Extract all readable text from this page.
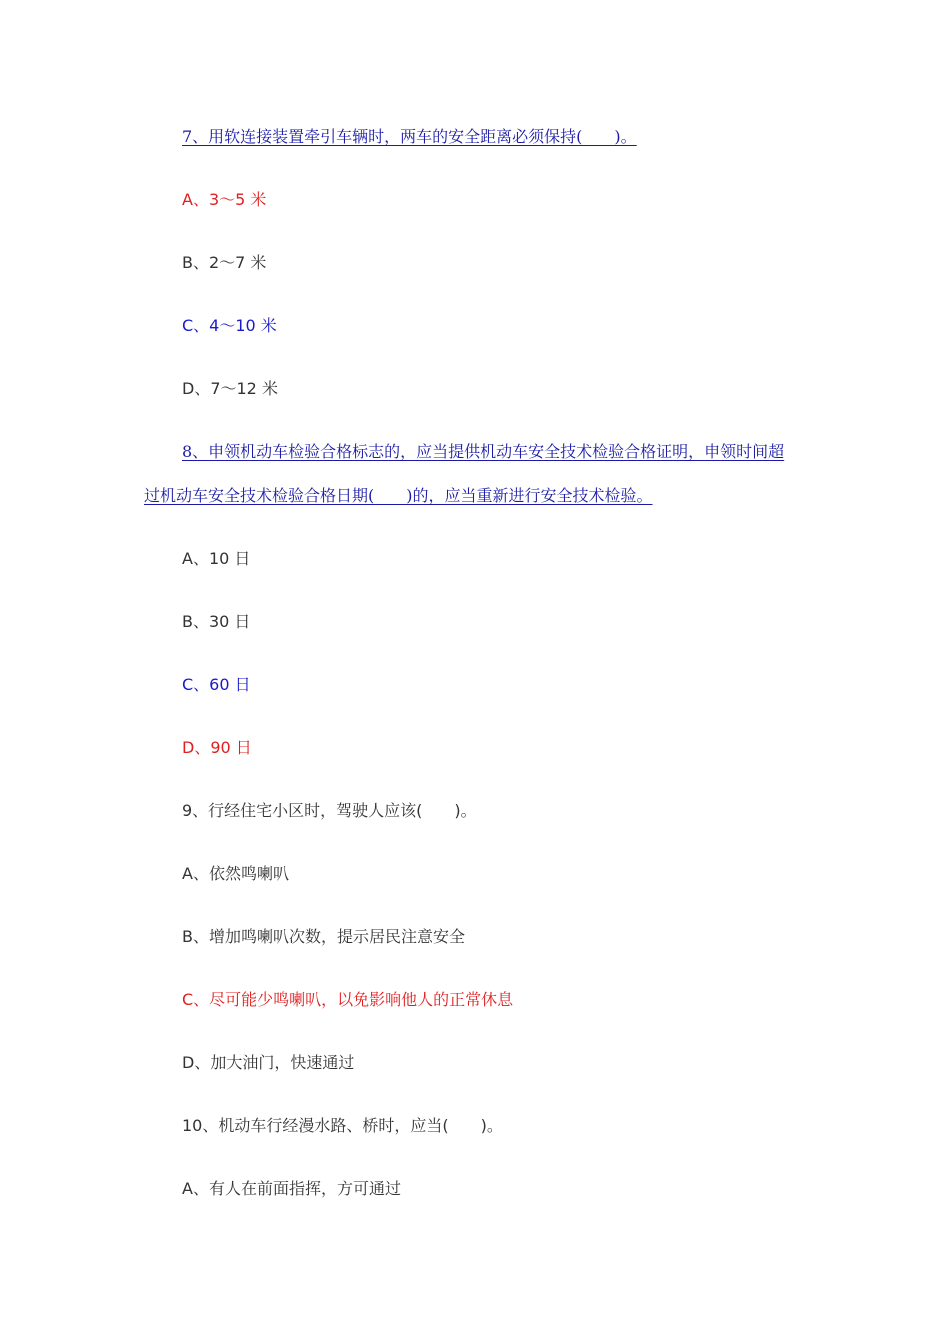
7、用软连接装置牵引车辆时，两车的安全距离必须保持(　　)。
A、3～5 米
B、2～7 米
C、4～10 米
D、7～12 米
8、申领机动车检验合格标志的，应当提供机动车安全技术检验合格证明，申领时间超
过机动车安全技术检验合格日期(　　)的，应当重新进行安全技术检验。
A、10 日
B、30 日
C、60 日
D、90 日
9、行经住宅小区时，驾驶人应该(　　)。
A、依然鸣喇叭
B、增加鸣喇叭次数，提示居民注意安全
C、尽可能少鸣喇叭，以免影响他人的正常休息
D、加大油门，快速通过
10、机动车行经漫水路、桥时，应当(　　)。
A、有人在前面指挥，方可通过
